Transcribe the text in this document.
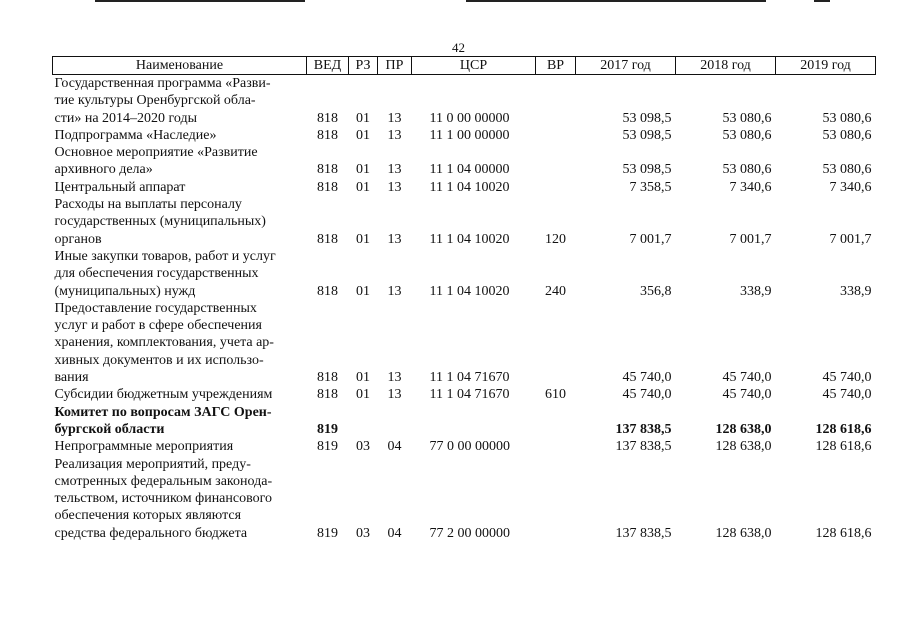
42
Наименование	ВЕД	РЗ	ПР	ЦСР	ВР	2017 год	2018 год	2019 год
Государственная программа «Разви-
тие культуры Оренбургской обла-
сти» на 2014–2020 годы	818	01	13	11 0 00 00000		53 098,5	53 080,6	53 080,6
Подпрограмма «Наследие»	818	01	13	11 1 00 00000		53 098,5	53 080,6	53 080,6
Основное мероприятие «Развитие
архивного дела»	818	01	13	11 1 04 00000		53 098,5	53 080,6	53 080,6
Центральный аппарат	818	01	13	11 1 04 10020		7 358,5	7 340,6	7 340,6
Расходы на выплаты персоналу
государственных (муниципальных)
органов	818	01	13	11 1 04 10020	120	7 001,7	7 001,7	7 001,7
Иные закупки товаров, работ и услуг
для обеспечения государственных
(муниципальных) нужд	818	01	13	11 1 04 10020	240	356,8	338,9	338,9
Предоставление государственных
услуг и работ в сфере обеспечения
хранения, комплектования, учета ар-
хивных документов и их использо-
вания	818	01	13	11 1 04 71670		45 740,0	45 740,0	45 740,0
Субсидии бюджетным учреждениям	818	01	13	11 1 04 71670	610	45 740,0	45 740,0	45 740,0
Комитет по вопросам ЗАГС Орен-
бургской области	819					137 838,5	128 638,0	128 618,6
Непрограммные мероприятия	819	03	04	77 0 00 00000		137 838,5	128 638,0	128 618,6
Реализация мероприятий, преду-
смотренных федеральным законода-
тельством, источником финансового
обеспечения которых являются
средства федерального бюджета	819	03	04	77 2 00 00000		137 838,5	128 638,0	128 618,6
